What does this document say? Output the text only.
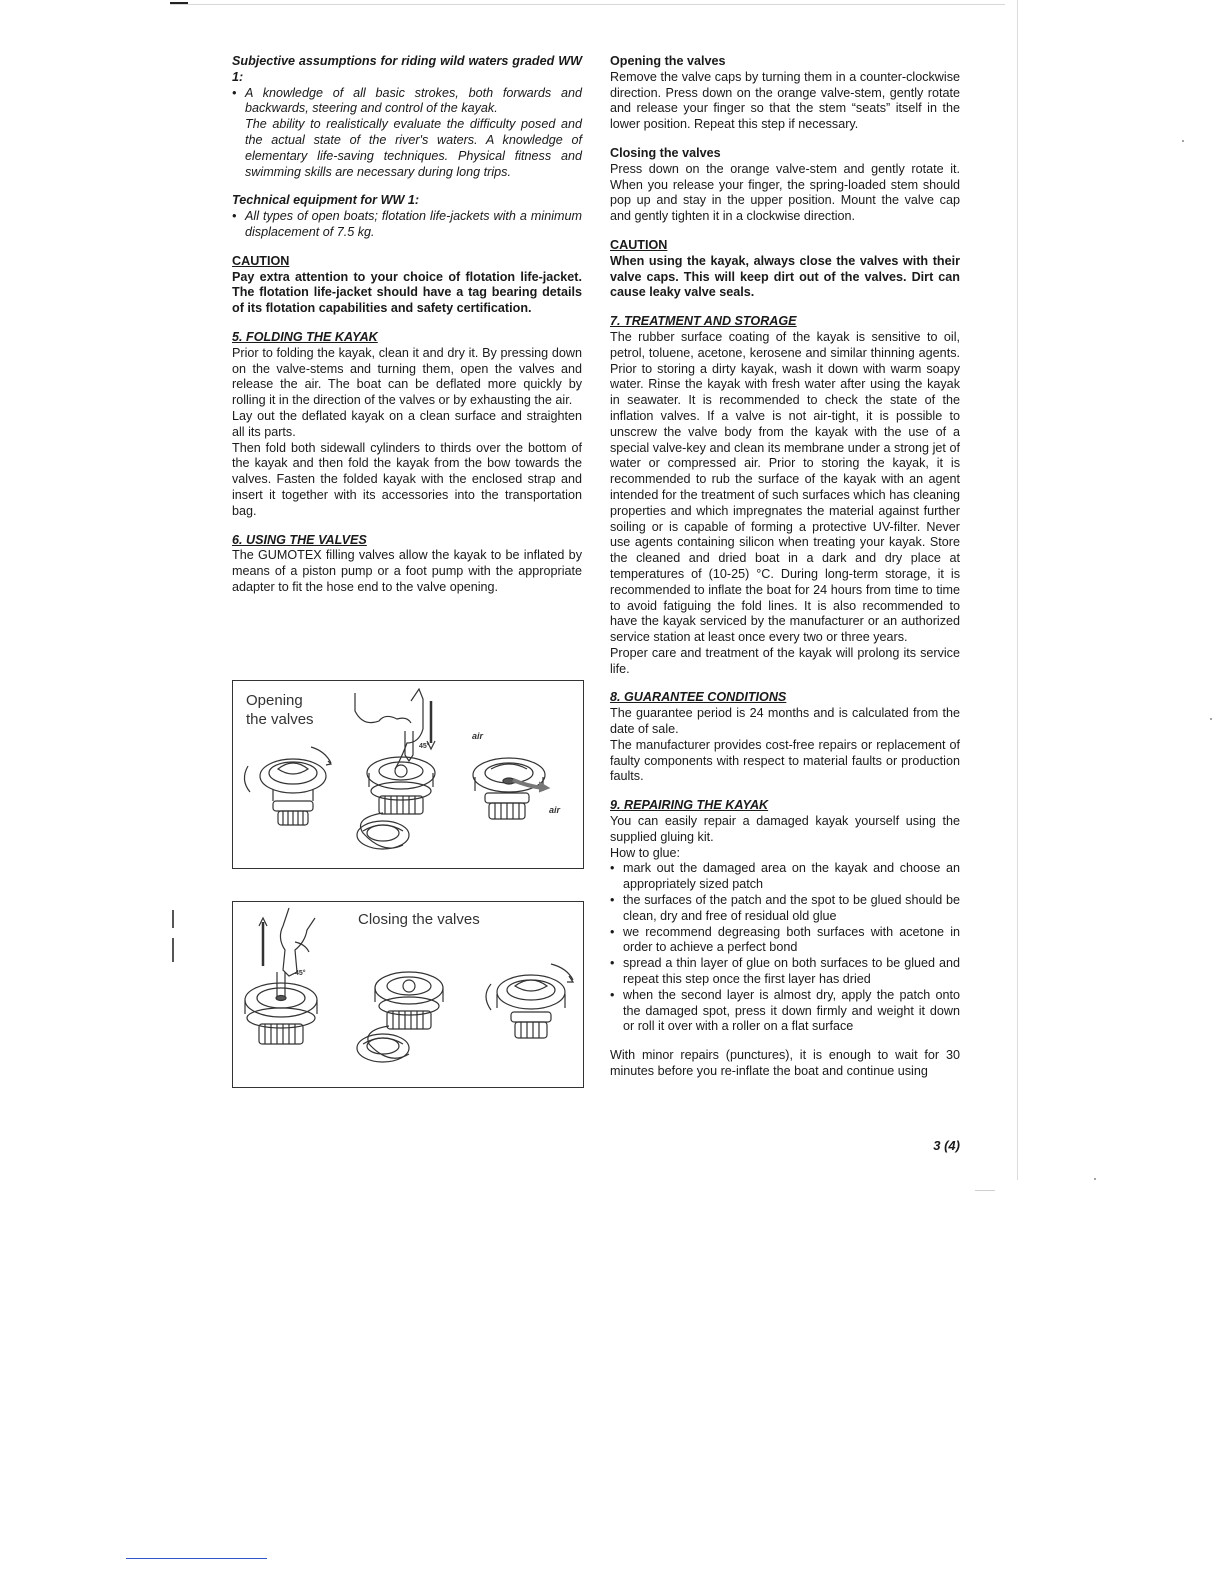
Subjective assumptions for riding wild waters graded WW 1:

• A knowledge of all basic strokes, both forwards and backwards, steering and control of the kayak.
The ability to realistically evaluate the difficulty posed and the actual state of the river's waters. A knowledge of elementary life-saving techniques. Physical fitness and swimming skills are necessary during long trips.

Technical equipment for WW 1:

• All types of open boats; flotation life-jackets with a minimum displacement of 7.5 kg.

CAUTION

Pay extra attention to your choice of flotation life-jacket. The flotation life-jacket should have a tag bearing details of its flotation capabilities and safety certification.

5. FOLDING THE KAYAK

Prior to folding the kayak, clean it and dry it. By pressing down on the valve-stems and turning them, open the valves and release the air. The boat can be deflated more quickly by rolling it in the direction of the valves or by exhausting the air.

Lay out the deflated kayak on a clean surface and straighten all its parts.

Then fold both sidewall cylinders to thirds over the bottom of the kayak and then fold the kayak from the bow towards the valves. Fasten the folded kayak with the enclosed strap and insert it together with its accessories into the transportation bag.

6. USING THE VALVES

The GUMOTEX filling valves allow the kayak to be inflated by means of a piston pump or a foot pump with the appropriate adapter to fit the hose end to the valve opening.

Opening
the valves
air
air
45°
Closing the valves
45°

Opening the valves

Remove the valve caps by turning them in a counter-clockwise direction. Press down on the orange valve-stem, gently rotate and release your finger so that the stem “seats” itself in the lower position. Repeat this step if necessary.

Closing the valves

Press down on the orange valve-stem and gently rotate it. When you release your finger, the spring-loaded stem should pop up and stay in the upper position. Mount the valve cap and gently tighten it in a clockwise direction.

CAUTION

When using the kayak, always close the valves with their valve caps. This will keep dirt out of the valves. Dirt can cause leaky valve seals.

7. TREATMENT AND STORAGE

The rubber surface coating of the kayak is sensitive to oil, petrol, toluene, acetone, kerosene and similar thinning agents. Prior to storing a dirty kayak, wash it down with warm soapy water. Rinse the kayak with fresh water after using the kayak in seawater. It is recommended to check the state of the inflation valves. If a valve is not air-tight, it is possible to unscrew the valve body from the kayak with the use of a special valve-key and clean its membrane under a strong jet of water or compressed air. Prior to storing the kayak, it is recommended to rub the surface of the kayak with an agent intended for the treatment of such surfaces which has cleaning properties and which impregnates the material against further soiling or is capable of forming a protective UV-filter. Never use agents containing silicon when treating your kayak. Store the cleaned and dried boat in a dark and dry place at temperatures of (10-25) °C. During long-term storage, it is recommended to inflate the boat for 24 hours from time to time to avoid fatiguing the fold lines. It is also recommended to have the kayak serviced by the manufacturer or an authorized service station at least once every two or three years.

Proper care and treatment of the kayak will prolong its service life.

8. GUARANTEE CONDITIONS

The guarantee period is 24 months and is calculated from the date of sale.

The manufacturer provides cost-free repairs or replacement of faulty components with respect to material faults or production faults.

9. REPAIRING THE KAYAK

You can easily repair a damaged kayak yourself using the supplied gluing kit.

How to glue:

• mark out the damaged area on the kayak and choose an appropriately sized patch
• the surfaces of the patch and the spot to be glued should be clean, dry and free of residual old glue
• we recommend degreasing both surfaces with acetone in order to achieve a perfect bond
• spread a thin layer of glue on both surfaces to be glued and repeat this step once the first layer has dried
• when the second layer is almost dry, apply the patch onto the damaged spot, press it down firmly and weight it down or roll it over with a roller on a flat surface

With minor repairs (punctures), it is enough to wait for 30 minutes before you re-inflate the boat and continue using

3 (4)
